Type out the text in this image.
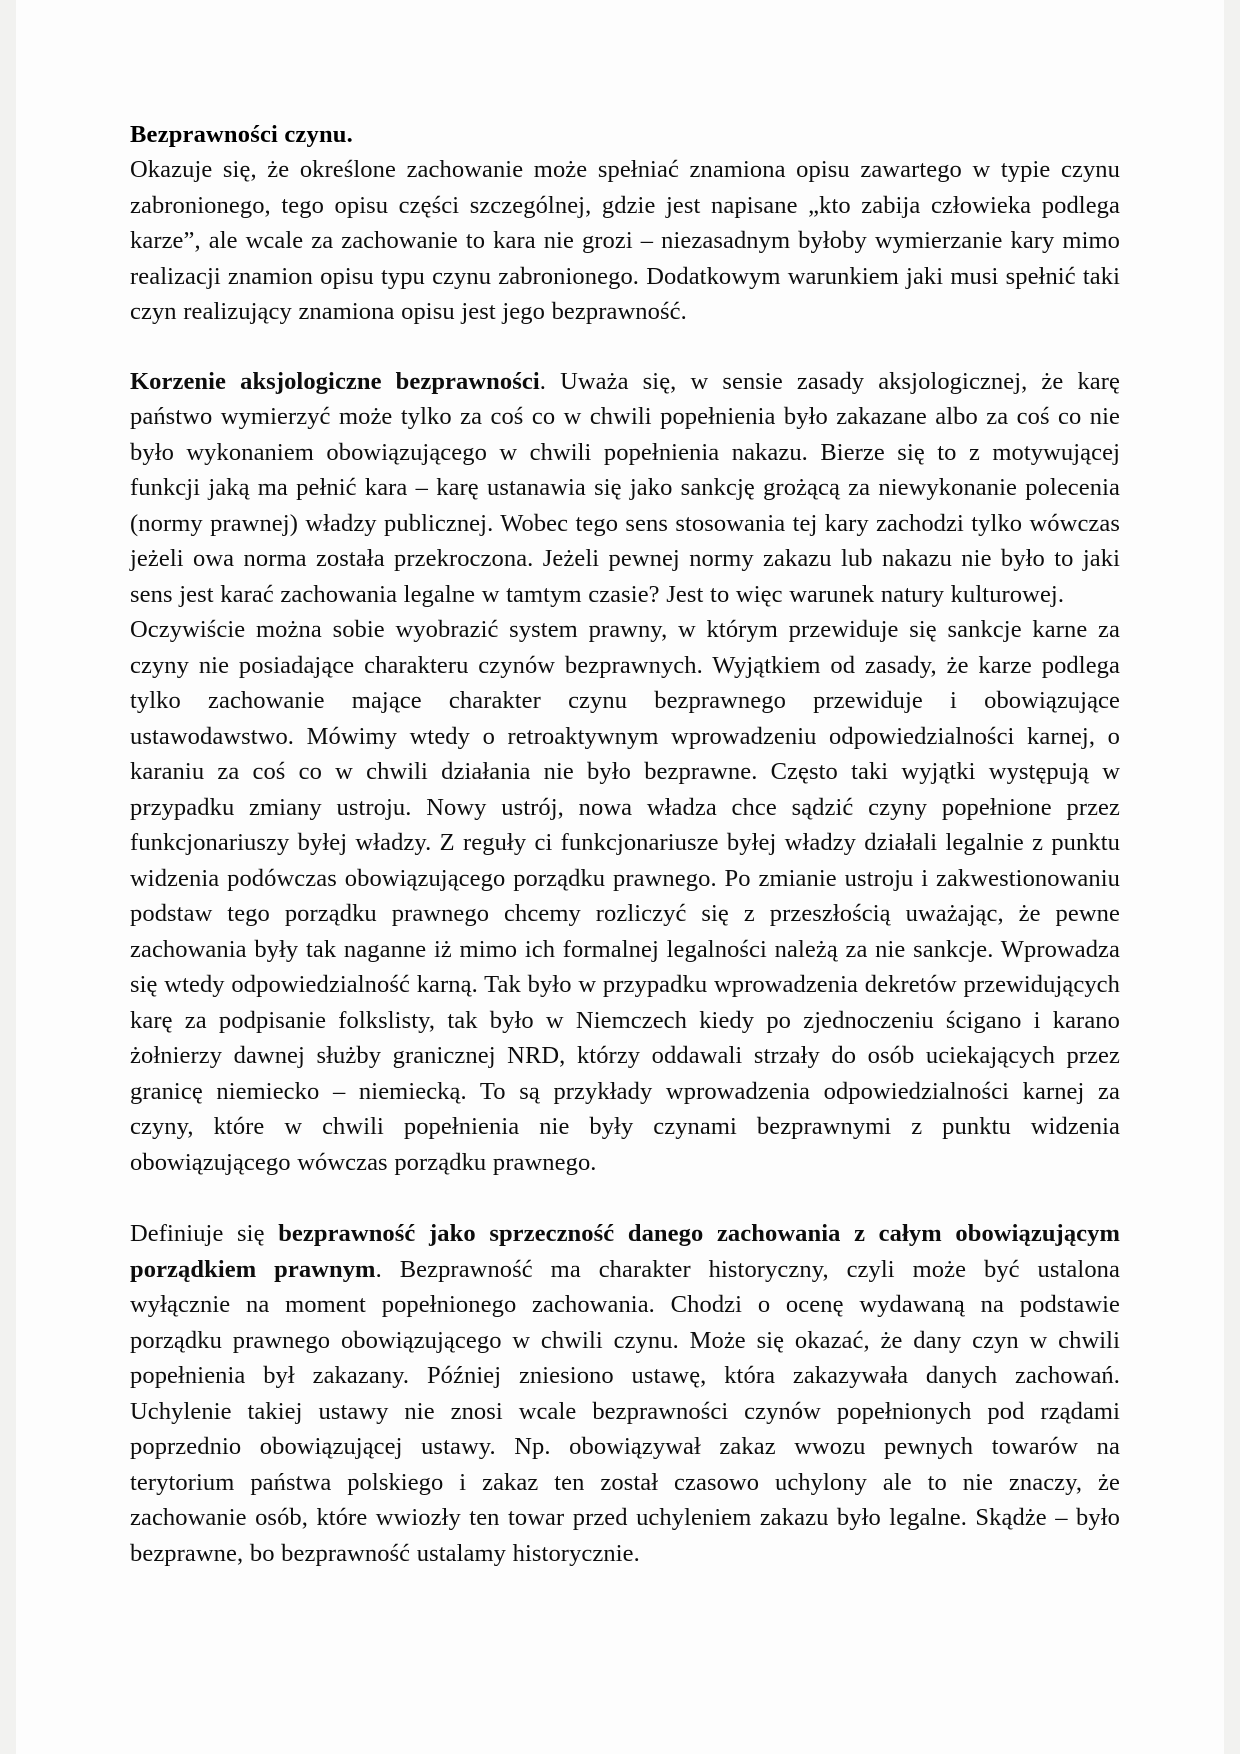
Bezprawności czynu.

Okazuje się, że określone zachowanie może spełniać znamiona opisu zawartego w typie czynu zabronionego, tego opisu części szczególnej, gdzie jest napisane „kto zabija człowieka podlega karze”, ale wcale za zachowanie to kara nie grozi – niezasadnym byłoby wymierzanie kary mimo realizacji znamion opisu typu czynu zabronionego. Dodatkowym warunkiem jaki musi spełnić taki czyn realizujący znamiona opisu jest jego bezprawność.

Korzenie aksjologiczne bezprawności. Uważa się, w sensie zasady aksjologicznej, że karę państwo wymierzyć może tylko za coś co w chwili popełnienia było zakazane albo za coś co nie było wykonaniem obowiązującego w chwili popełnienia nakazu. Bierze się to z motywującej funkcji jaką ma pełnić kara – karę ustanawia się jako sankcję grożącą za niewykonanie polecenia (normy prawnej) władzy publicznej. Wobec tego sens stosowania tej kary zachodzi tylko wówczas jeżeli owa norma została przekroczona. Jeżeli pewnej normy zakazu lub nakazu nie było to jaki sens jest karać zachowania legalne w tamtym czasie? Jest to więc warunek natury kulturowej.

Oczywiście można sobie wyobrazić system prawny, w którym przewiduje się sankcje karne za czyny nie posiadające charakteru czynów bezprawnych. Wyjątkiem od zasady, że karze podlega tylko zachowanie mające charakter czynu bezprawnego przewiduje i obowiązujące ustawodawstwo. Mówimy wtedy o retroaktywnym wprowadzeniu odpowiedzialności karnej, o karaniu za coś co w chwili działania nie było bezprawne. Często taki wyjątki występują w przypadku zmiany ustroju. Nowy ustrój, nowa władza chce sądzić czyny popełnione przez funkcjonariuszy byłej władzy. Z reguły ci funkcjonariusze byłej władzy działali legalnie z punktu widzenia podówczas obowiązującego porządku prawnego. Po zmianie ustroju i zakwestionowaniu podstaw tego porządku prawnego chcemy rozliczyć się z przeszłością uważając, że pewne zachowania były tak naganne iż mimo ich formalnej legalności należą za nie sankcje. Wprowadza się wtedy odpowiedzialność karną. Tak było w przypadku wprowadzenia dekretów przewidujących karę za podpisanie folkslisty, tak było w Niemczech kiedy po zjednoczeniu ścigano i karano żołnierzy dawnej służby granicznej NRD, którzy oddawali strzały do osób uciekających przez granicę niemiecko – niemiecką. To są przykłady wprowadzenia odpowiedzialności karnej za czyny, które w chwili popełnienia nie były czynami bezprawnymi z punktu widzenia obowiązującego wówczas porządku prawnego.

Definiuje się bezprawność jako sprzeczność danego zachowania z całym obowiązującym porządkiem prawnym. Bezprawność ma charakter historyczny, czyli może być ustalona wyłącznie na moment popełnionego zachowania. Chodzi o ocenę wydawaną na podstawie porządku prawnego obowiązującego w chwili czynu. Może się okazać, że dany czyn w chwili popełnienia był zakazany. Później zniesiono ustawę, która zakazywała danych zachowań. Uchylenie takiej ustawy nie znosi wcale bezprawności czynów popełnionych pod rządami poprzednio obowiązującej ustawy. Np. obowiązywał zakaz wwozu pewnych towarów na terytorium państwa polskiego i zakaz ten został czasowo uchylony ale to nie znaczy, że zachowanie osób, które wwiozły ten towar przed uchyleniem zakazu było legalne. Skądże – było bezprawne, bo bezprawność ustalamy historycznie.
